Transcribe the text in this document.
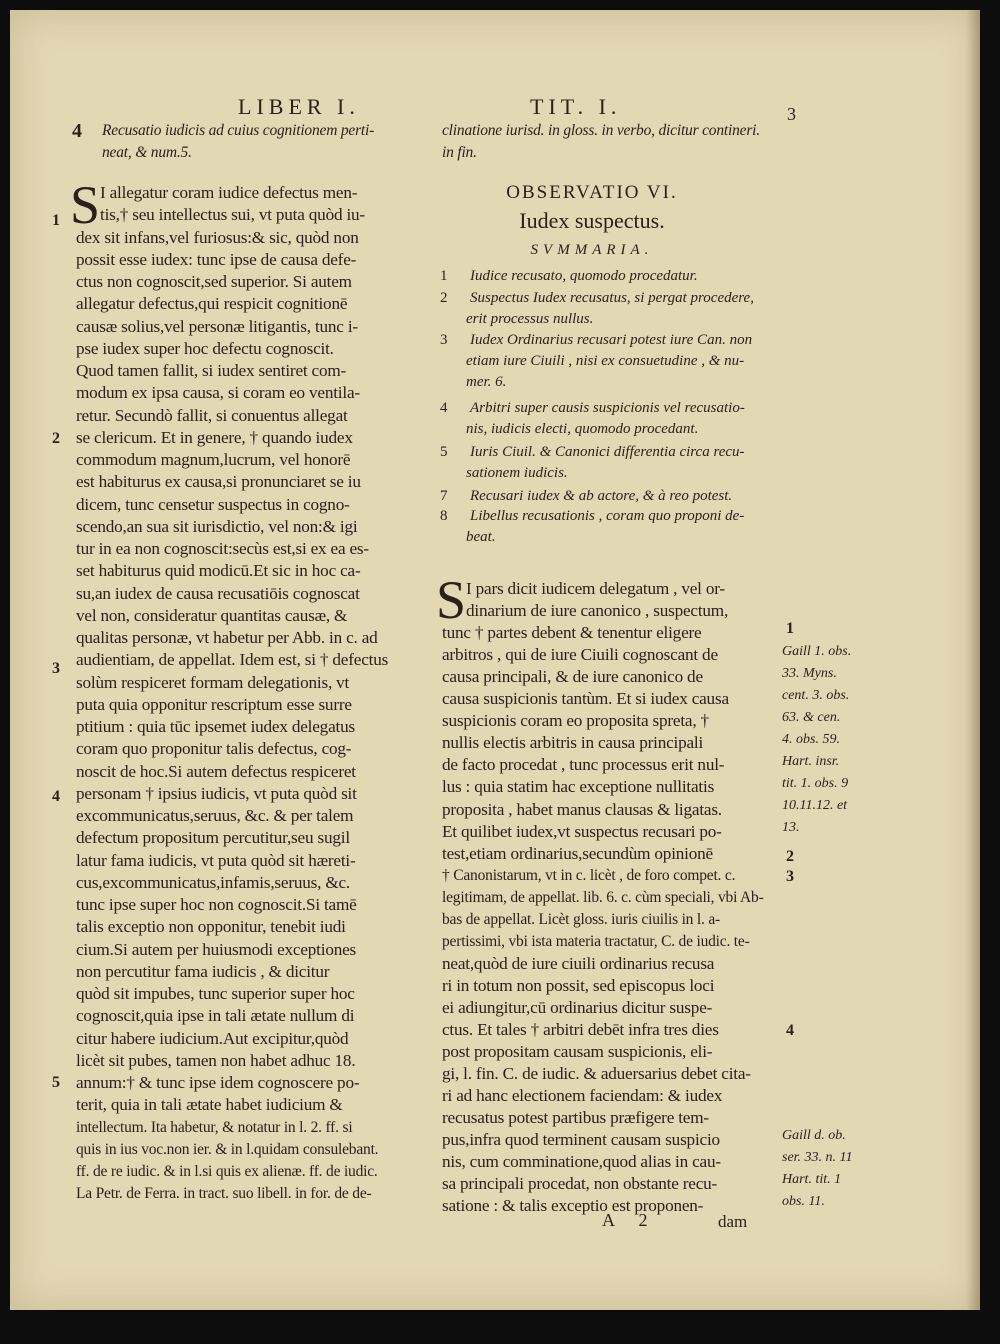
LIBER I.	TIT. I.	3
4 Recusatio iudicis ad cuius cognitionem perti-
neat, & num.5.
S I allegatur coram iudice defectus men-
tis,† seu intellectus sui, vt puta quòd iu-
dex sit infans,vel furiosus:& sic, quòd non
possit esse iudex: tunc ipse de causa defe-
ctus non cognoscit,sed superior. Si autem
allegatur defectus,qui respicit cognitionē
causæ solius,vel personæ litigantis, tunc i-
pse iudex super hoc defectu cognoscit.
Quod tamen fallit, si iudex sentiret com-
modum ex ipsa causa, si coram eo ventila-
retur. Secundò fallit, si conuentus allegat
se clericum. Et in genere, † quando iudex
commodum magnum,lucrum, vel honorē
est habiturus ex causa,si pronunciaret se iu
dicem, tunc censetur suspectus in cogno-
scendo,an sua sit iurisdictio, vel non:& igi
tur in ea non cognoscit:secùs est,si ex ea es-
set habiturus quid modicū.Et sic in hoc ca-
su,an iudex de causa recusatiōis cognoscat
vel non, consideratur quantitas causæ, &
qualitas personæ, vt habetur per Abb. in c. ad
audientiam, de appellat. Idem est, si † defectus
solùm respiceret formam delegationis, vt
puta quia opponitur rescriptum esse surre
ptitium : quia tūc ipsemet iudex delegatus
coram quo proponitur talis defectus, cog-
noscit de hoc.Si autem defectus respiceret
personam † ipsius iudicis, vt puta quòd sit
excommunicatus,seruus, &c. & per talem
defectum propositum percutitur,seu sugil
latur fama iudicis, vt puta quòd sit hæreti-
cus,excommunicatus,infamis,seruus, &c.
tunc ipse super hoc non cognoscit.Si tamē
talis exceptio non opponitur, tenebit iudi
cium.Si autem per huiusmodi exceptiones
non percutitur fama iudicis , & dicitur
quòd sit impubes, tunc superior super hoc
cognoscit,quia ipse in tali ætate nullum di
citur habere iudicium.Aut excipitur,quòd
licèt sit pubes, tamen non habet adhuc 18.
annum:† & tunc ipse idem cognoscere po-
terit, quia in tali ætate habet iudicium &
intellectum. Ita habetur, & notatur in l. 2. ff. si
quis in ius voc.non ier. & in l.quidam consulebant.
ff. de re iudic. & in l.si quis ex alienæ. ff. de iudic.
La Petr. de Ferra. in tract. suo libell. in for. de de-
1
2
3
4
5
clinatione iurisd. in gloss. in verbo, dicitur contineri.
in fin.
OBSERVATIO VI.
Iudex suspectus.
SVMMARIA.
1 Iudice recusato, quomodo procedatur.
2 Suspectus Iudex recusatus, si pergat procedere,
erit processus nullus.
3 Iudex Ordinarius recusari potest iure Can. non
etiam iure Ciuili , nisi ex consuetudine , & nu-
mer. 6.
4 Arbitri super causis suspicionis vel recusatio-
nis, iudicis electi, quomodo procedant.
5 Iuris Ciuil. & Canonici differentia circa recu-
sationem iudicis.
7 Recusari iudex & ab actore, & à reo potest.
8 Libellus recusationis , coram quo proponi de-
beat.
S I pars dicit iudicem delegatum , vel or-
dinarium de iure canonico , suspectum,
tunc † partes debent & tenentur eligere
arbitros , qui de iure Ciuili cognoscant de
causa principali, & de iure canonico de
causa suspicionis tantùm. Et si iudex causa
suspicionis coram eo proposita spreta, †
nullis electis arbitris in causa principali
de facto procedat , tunc processus erit nul-
lus : quia statim hac exceptione nullitatis
proposita , habet manus clausas & ligatas.
Et quilibet iudex,vt suspectus recusari po-
test,etiam ordinarius,secundùm opinionē
† Canonistarum, vt in c. licèt , de foro compet. c.
legitimam, de appellat. lib. 6. c. cùm speciali, vbi Ab-
bas de appellat. Licèt gloss. iuris ciuilis in l. a-
pertissimi, vbi ista materia tractatur, C. de iudic. te-
neat,quòd de iure ciuili ordinarius recusa
ri in totum non possit, sed episcopus loci
ei adiungitur,cū ordinarius dicitur suspe-
ctus. Et tales † arbitri debēt infra tres dies
post propositam causam suspicionis, eli-
gi, l. fin. C. de iudic. & aduersarius debet cita-
ri ad hanc electionem faciendam: & iudex
recusatus potest partibus præfigere tem-
pus,infra quod terminent causam suspicio
nis, cum comminatione,quod alias in cau-
sa principali procedat, non obstante recu-
satione : & talis exceptio est proponen-
1
2
3
4
Gaill 1. obs.
33. Myns.
cent. 3. obs.
63. & cen.
4. obs. 59.
Hart. insr.
tit. 1. obs. 9
10.11.12. et
13.
Gaill d. ob.
ser. 33. n. 11
Hart. tit. 1
obs. 11.
A 2	dam
